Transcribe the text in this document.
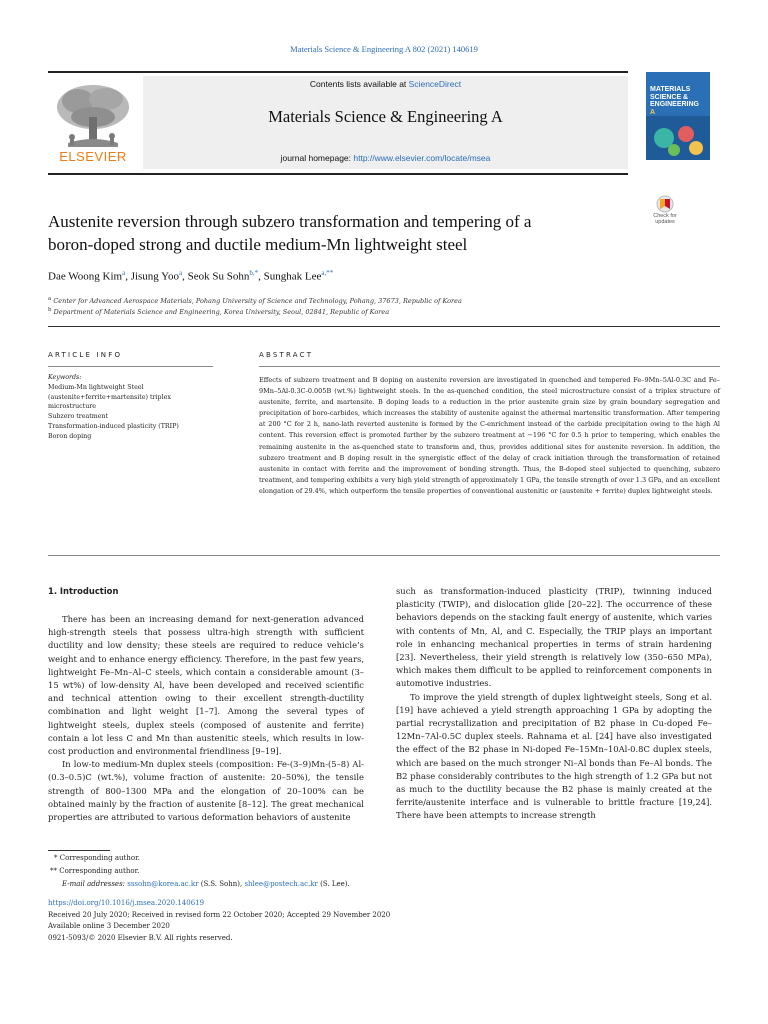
Materials Science & Engineering A 802 (2021) 140619
ELSEVIER
Contents lists available at ScienceDirect
Materials Science & Engineering A
journal homepage: http://www.elsevier.com/locate/msea
MATERIALS
SCIENCE &
ENGINEERING
A
Check for
updates
Austenite reversion through subzero transformation and tempering of a
boron-doped strong and ductile medium-Mn lightweight steel
Dae Woong Kim$^a$, Jisung Yoo$^a$, Seok Su Sohn$^{b,*}$, Sunghak Lee$^{a,**}$
$^a$ Center for Advanced Aerospace Materials, Pohang University of Science and Technology, Pohang, 37673, Republic of Korea
$^b$ Department of Materials Science and Engineering, Korea University, Seoul, 02841, Republic of Korea
ARTICLE INFO	ABSTRACT
Keywords:
Medium-Mn lightweight Steel
(austenite+ferrite+martensite) triplex
microstructure
Subzero treatment
Transformation-induced plasticity (TRIP)
Boron doping
Effects of subzero treatment and B doping on austenite reversion are investigated in quenched and tempered Fe–9Mn–5Al-0.3C and Fe–9Mn–5Al-0.3C-0.005B (wt.%) lightweight steels. In the as-quenched condition, the steel microstructure consist of a triplex structure of austenite, ferrite, and martensite. B doping leads to a reduction in the prior austenite grain size by grain boundary segregation and precipitation of boro-carbides, which increases the stability of austenite against the athermal martensitic transformation. After tempering at 200 °C for 2 h, nano-lath reverted austenite is formed by the C-enrichment instead of the carbide precipitation owing to the high Al content. This reversion effect is promoted further by the subzero treatment at −196 °C for 0.5 h prior to tempering, which enables the remaining austenite in the as-quenched state to transform and, thus, provides additional sites for austenite reversion. In addition, the subzero treatment and B doping result in the synergistic effect of the delay of crack initiation through the transformation of retained austenite in contact with ferrite and the improvement of bonding strength. Thus, the B-doped steel subjected to quenching, subzero treatment, and tempering exhibits a very high yield strength of approximately 1 GPa, the tensile strength of over 1.3 GPa, and an excellent elongation of 29.4%, which outperform the tensile properties of conventional austenitic or (austenite + ferrite) duplex lightweight steels.
1. Introduction

There has been an increasing demand for next-generation advanced high-strength steels that possess ultra-high strength with sufficient ductility and low density; these steels are required to reduce vehicle’s weight and to enhance energy efficiency. Therefore, in the past few years, lightweight Fe–Mn–Al–C steels, which contain a considerable amount (3–15 wt%) of low-density Al, have been developed and received scientific and technical attention owing to their excellent strength-ductility combination and light weight [1–7]. Among the several types of lightweight steels, duplex steels (composed of austenite and ferrite) contain a lot less C and Mn than austenitic steels, which results in low-cost production and environmental friendliness [9–19].

In low-to medium-Mn duplex steels (composition: Fe-(3–9)Mn-(5–8) Al-(0.3–0.5)C (wt.%), volume fraction of austenite: 20–50%), the tensile strength of 800–1300 MPa and the elongation of 20–100% can be obtained mainly by the fraction of austenite [8–12]. The great mechanical properties are attributed to various deformation behaviors of austenite

such as transformation-induced plasticity (TRIP), twinning induced plasticity (TWIP), and dislocation glide [20–22]. The occurrence of these behaviors depends on the stacking fault energy of austenite, which varies with contents of Mn, Al, and C. Especially, the TRIP plays an important role in enhancing mechanical properties in terms of strain hardening [23]. Nevertheless, their yield strength is relatively low (350–650 MPa), which makes them difficult to be applied to reinforcement components in automotive industries.

To improve the yield strength of duplex lightweight steels, Song et al. [19] have achieved a yield strength approaching 1 GPa by adopting the partial recrystallization and precipitation of B2 phase in Cu-doped Fe–12Mn–7Al-0.5C duplex steels. Rahnama et al. [24] have also investigated the effect of the B2 phase in Ni-doped Fe–15Mn–10Al-0.8C duplex steels, which are based on the much stronger Ni–Al bonds than Fe–Al bonds. The B2 phase considerably contributes to the high strength of 1.2 GPa but not as much to the ductility because the B2 phase is mainly created at the ferrite/austenite interface and is vulnerable to brittle fracture [19,24]. There have been attempts to increase strength

* Corresponding author.
** Corresponding author.
E-mail addresses: sssohn@korea.ac.kr (S.S. Sohn), shlee@postech.ac.kr (S. Lee).
https://doi.org/10.1016/j.msea.2020.140619
Received 20 July 2020; Received in revised form 22 October 2020; Accepted 29 November 2020
Available online 3 December 2020
0921-5093/© 2020 Elsevier B.V. All rights reserved.
